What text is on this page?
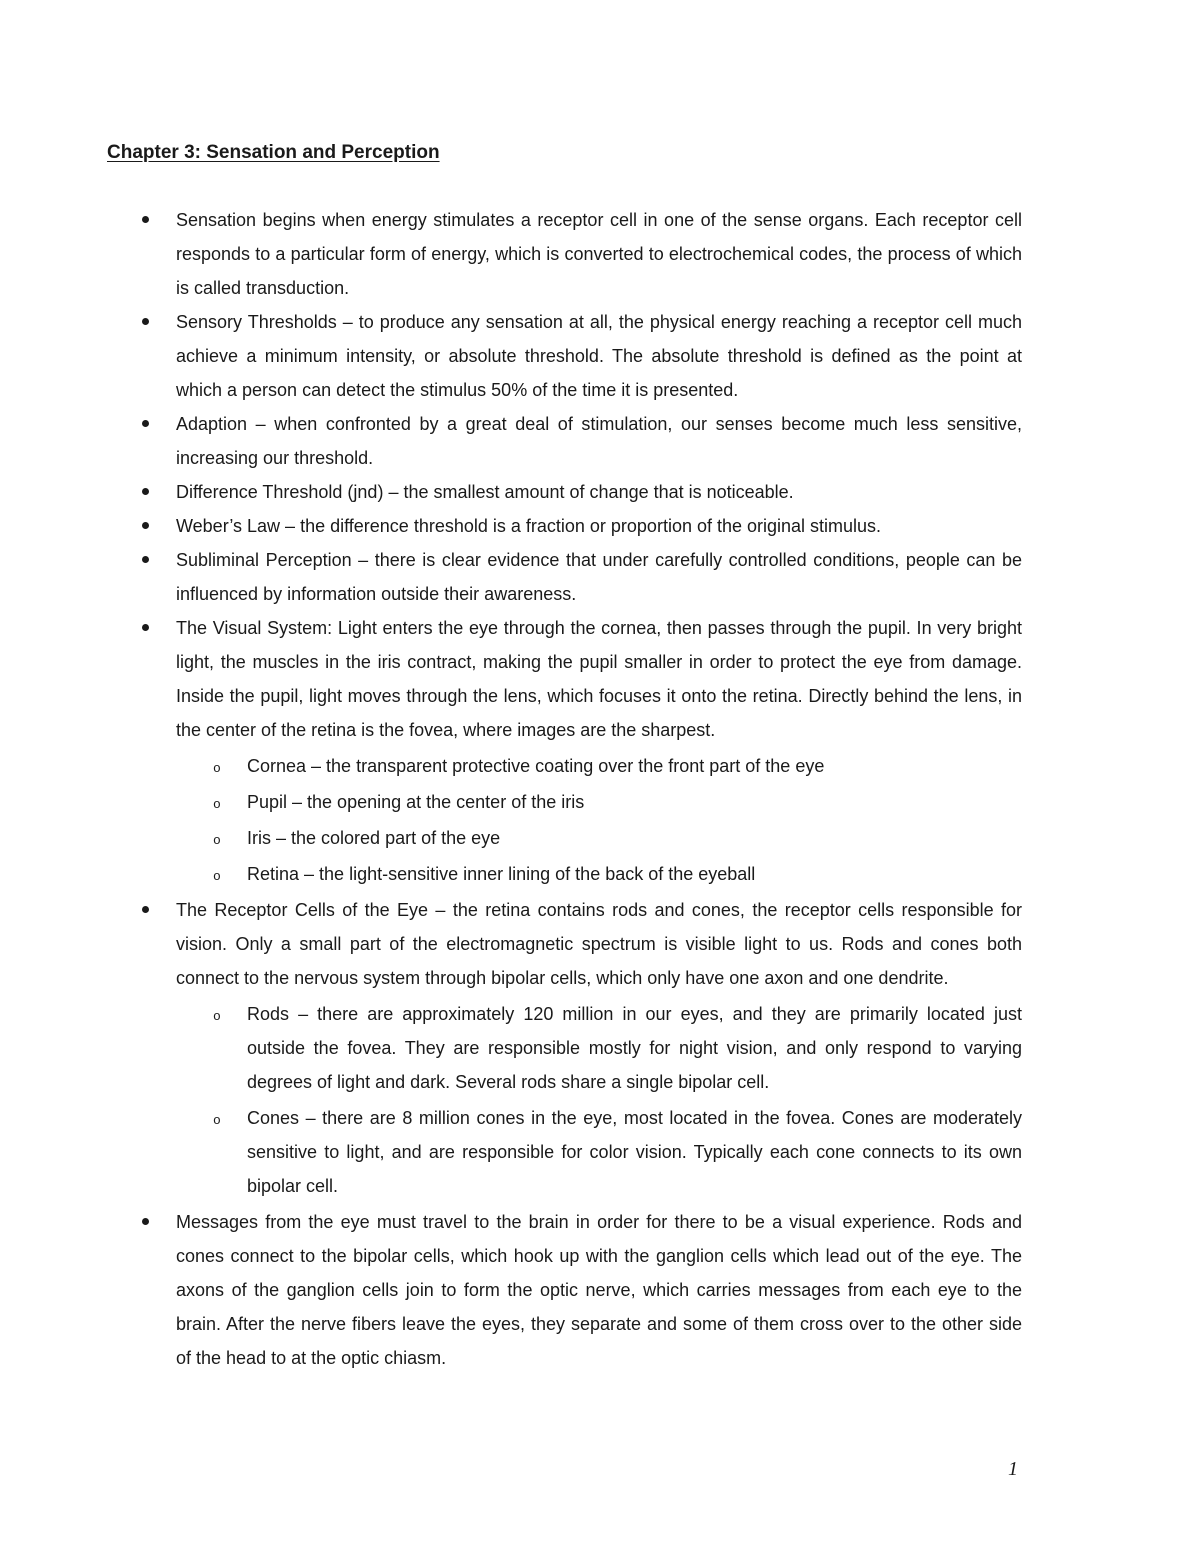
Chapter 3: Sensation and Perception
Sensation begins when energy stimulates a receptor cell in one of the sense organs. Each receptor cell responds to a particular form of energy, which is converted to electrochemical codes, the process of which is called transduction.
Sensory Thresholds – to produce any sensation at all, the physical energy reaching a receptor cell much achieve a minimum intensity, or absolute threshold. The absolute threshold is defined as the point at which a person can detect the stimulus 50% of the time it is presented.
Adaption – when confronted by a great deal of stimulation, our senses become much less sensitive, increasing our threshold.
Difference Threshold (jnd) – the smallest amount of change that is noticeable.
Weber’s Law – the difference threshold is a fraction or proportion of the original stimulus.
Subliminal Perception – there is clear evidence that under carefully controlled conditions, people can be influenced by information outside their awareness.
The Visual System: Light enters the eye through the cornea, then passes through the pupil. In very bright light, the muscles in the iris contract, making the pupil smaller in order to protect the eye from damage. Inside the pupil, light moves through the lens, which focuses it onto the retina. Directly behind the lens, in the center of the retina is the fovea, where images are the sharpest.
o Cornea – the transparent protective coating over the front part of the eye
o Pupil – the opening at the center of the iris
o Iris – the colored part of the eye
o Retina – the light-sensitive inner lining of the back of the eyeball
The Receptor Cells of the Eye – the retina contains rods and cones, the receptor cells responsible for vision. Only a small part of the electromagnetic spectrum is visible light to us. Rods and cones both connect to the nervous system through bipolar cells, which only have one axon and one dendrite.
o Rods – there are approximately 120 million in our eyes, and they are primarily located just outside the fovea. They are responsible mostly for night vision, and only respond to varying degrees of light and dark. Several rods share a single bipolar cell.
o Cones – there are 8 million cones in the eye, most located in the fovea. Cones are moderately sensitive to light, and are responsible for color vision. Typically each cone connects to its own bipolar cell.
Messages from the eye must travel to the brain in order for there to be a visual experience. Rods and cones connect to the bipolar cells, which hook up with the ganglion cells which lead out of the eye. The axons of the ganglion cells join to form the optic nerve, which carries messages from each eye to the brain. After the nerve fibers leave the eyes, they separate and some of them cross over to the other side of the head to at the optic chiasm.
1
